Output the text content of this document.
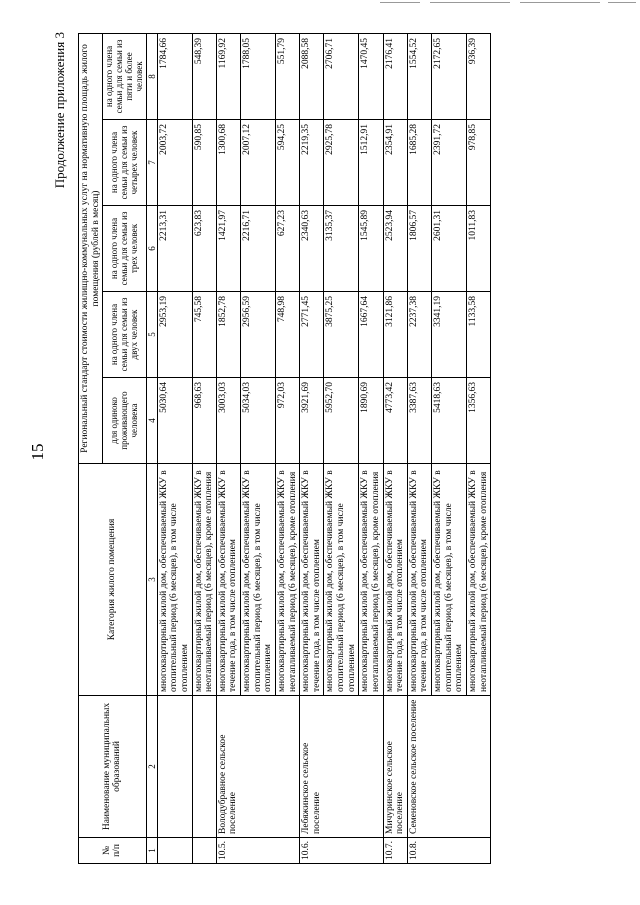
15
Продолжение приложения 3
№ п/п	Наименование муниципальных образований	Категория жилого помещения	Региональный стандарт стоимости жилищно-коммунальных услуг на нормативную площадь жилого помещения (рублей в месяц)				
			для одиноко проживающего человека	на одного члена семьи для семьи из двух человек	на одного члена семьи для семьи из трех человек	на одного члена семьи для семьи из четырех человек	на одного члена семьи для семьи из пяти и более человек
1	2	3	4	5	6	7	8
		многоквартирный жилой дом, обеспечиваемый ЖКУ в отопительный период (6 месяцев), в том числе отоплением	5030,64	2953,19	2213,31	2003,72	1784,66
		многоквартирный жилой дом, обеспечиваемый ЖКУ в неотапливаемый период (6 месяцев), кроме отопления	968,63	745,58	623,83	590,85	548,39
10.5.	Володубравное сельское поселение	многоквартирный жилой дом, обеспечиваемый ЖКУ в течение года, в том числе отоплением	3003,03	1852,78	1421,97	1300,68	1169,92
		многоквартирный жилой дом, обеспечиваемый ЖКУ в отопительный период (6 месяцев), в том числе отоплением	5034,03	2956,59	2216,71	2007,12	1788,05
		многоквартирный жилой дом, обеспечиваемый ЖКУ в неотапливаемый период (6 месяцев), кроме отопления	972,03	748,98	627,23	594,25	551,79
10.6.	Лебяжинское сельское поселение	многоквартирный жилой дом, обеспечиваемый ЖКУ в течение года, в том числе отоплением	3921,69	2771,45	2340,63	2219,35	2088,58
		многоквартирный жилой дом, обеспечиваемый ЖКУ в отопительный период (6 месяцев), в том числе отоплением	5952,70	3875,25	3135,37	2925,78	2706,71
		многоквартирный жилой дом, обеспечиваемый ЖКУ в неотапливаемый период (6 месяцев), кроме отопления	1890,69	1667,64	1545,89	1512,91	1470,45
10.7.	Мичуринское сельское поселение	многоквартирный жилой дом, обеспечиваемый ЖКУ в течение года, в том числе отоплением	4773,42	3121,86	2523,94	2354,91	2176,41
10.8.	Семеновское сельское поселение	многоквартирный жилой дом, обеспечиваемый ЖКУ в течение года, в том числе отоплением	3387,63	2237,38	1806,57	1685,28	1554,52
		многоквартирный жилой дом, обеспечиваемый ЖКУ в отопительный период (6 месяцев), в том числе отоплением	5418,63	3341,19	2601,31	2391,72	2172,65
		многоквартирный жилой дом, обеспечиваемый ЖКУ в неотапливаемый период (6 месяцев), кроме отопления	1356,63	1133,58	1011,83	978,85	936,39
